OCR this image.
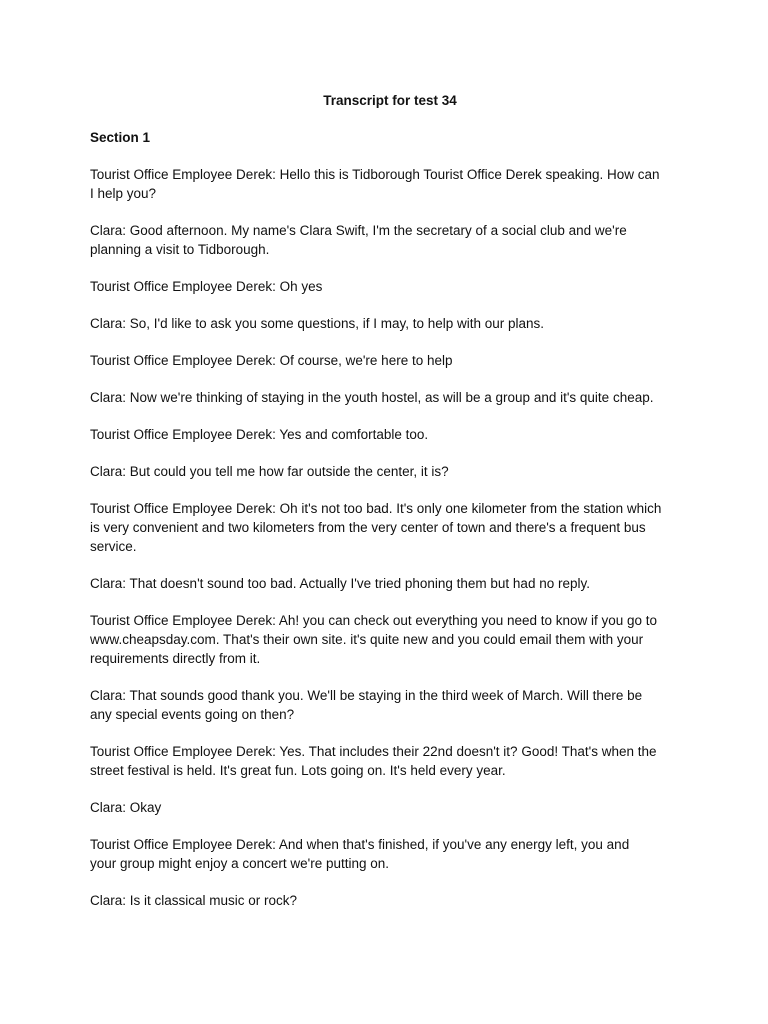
Transcript for test 34
Section 1
Tourist Office Employee Derek: Hello this is Tidborough Tourist Office Derek speaking. How can
I help you?
Clara: Good afternoon. My name's Clara Swift, I'm the secretary of a social club and we're
planning a visit to Tidborough.
Tourist Office Employee Derek: Oh yes
Clara: So, I'd like to ask you some questions, if I may, to help with our plans.
Tourist Office Employee Derek: Of course, we're here to help
Clara: Now we're thinking of staying in the youth hostel, as will be a group and it's quite cheap.
Tourist Office Employee Derek: Yes and comfortable too.
Clara: But could you tell me how far outside the center, it is?
Tourist Office Employee Derek: Oh it's not too bad. It's only one kilometer from the station which
is very convenient and two kilometers from the very center of town and there's a frequent bus
service.
Clara: That doesn't sound too bad. Actually I've tried phoning them but had no reply.
Tourist Office Employee Derek: Ah! you can check out everything you need to know if you go to
www.cheapsday.com. That's their own site. it's quite new and you could email them with your
requirements directly from it.
Clara: That sounds good thank you. We'll be staying in the third week of March. Will there be
any special events going on then?
Tourist Office Employee Derek: Yes. That includes their 22nd doesn't it? Good! That's when the
street festival is held. It's great fun. Lots going on. It's held every year.
Clara: Okay
Tourist Office Employee Derek: And when that's finished, if you've any energy left, you and
your group might enjoy a concert we're putting on.
Clara: Is it classical music or rock?
